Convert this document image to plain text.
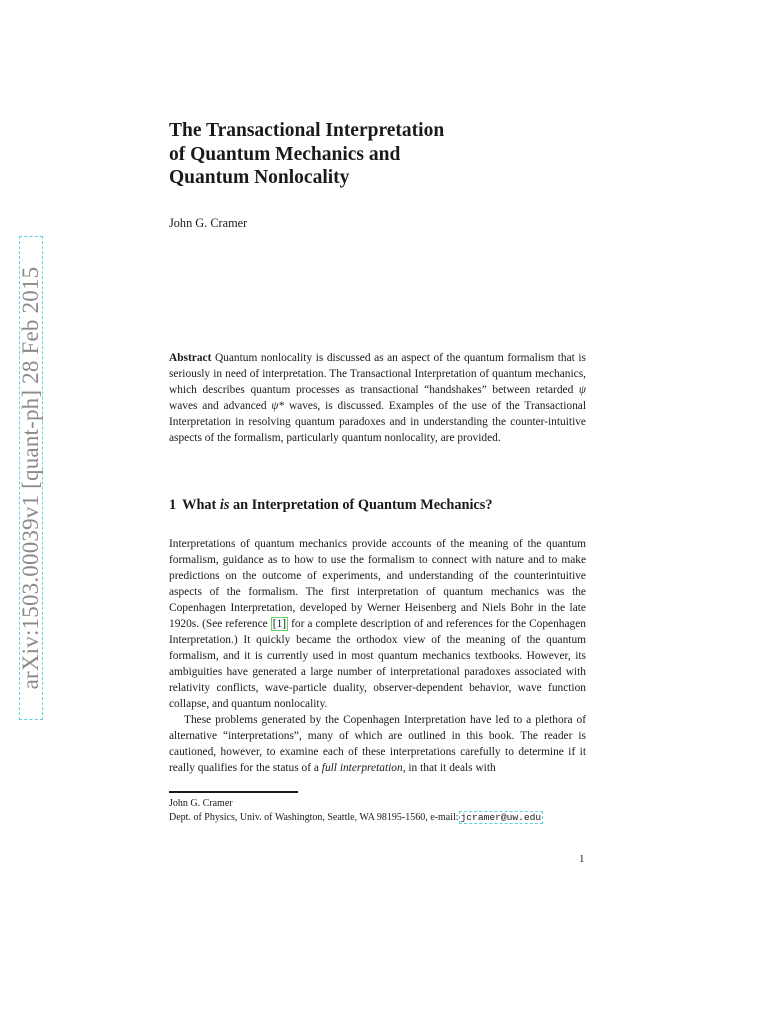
arXiv:1503.00039v1 [quant-ph] 28 Feb 2015
The Transactional Interpretation
of Quantum Mechanics and
Quantum Nonlocality
John G. Cramer

Abstract Quantum nonlocality is discussed as an aspect of the quantum formalism that is seriously in need of interpretation. The Transactional Interpretation of quantum mechanics, which describes quantum processes as transactional “handshakes” between retarded ψ waves and advanced ψ* waves, is discussed. Examples of the use of the Transactional Interpretation in resolving quantum paradoxes and in understanding the counter-intuitive aspects of the formalism, particularly quantum nonlocality, are provided.

1 What is an Interpretation of Quantum Mechanics?

Interpretations of quantum mechanics provide accounts of the meaning of the quantum formalism, guidance as to how to use the formalism to connect with nature and to make predictions on the outcome of experiments, and understanding of the counterintuitive aspects of the formalism. The first interpretation of quantum mechanics was the Copenhagen Interpretation, developed by Werner Heisenberg and Niels Bohr in the late 1920s. (See reference [1] for a complete description of and references for the Copenhagen Interpretation.) It quickly became the orthodox view of the meaning of the quantum formalism, and it is currently used in most quantum mechanics textbooks. However, its ambiguities have generated a large number of interpretational paradoxes associated with relativity conflicts, wave-particle duality, observer-dependent behavior, wave function collapse, and quantum nonlocality.

These problems generated by the Copenhagen Interpretation have led to a plethora of alternative “interpretations”, many of which are outlined in this book. The reader is cautioned, however, to examine each of these interpretations carefully to determine if it really qualifies for the status of a full interpretation, in that it deals with

John G. Cramer
Dept. of Physics, Univ. of Washington, Seattle, WA 98195-1560, e-mail: jcramer@uw.edu
1
